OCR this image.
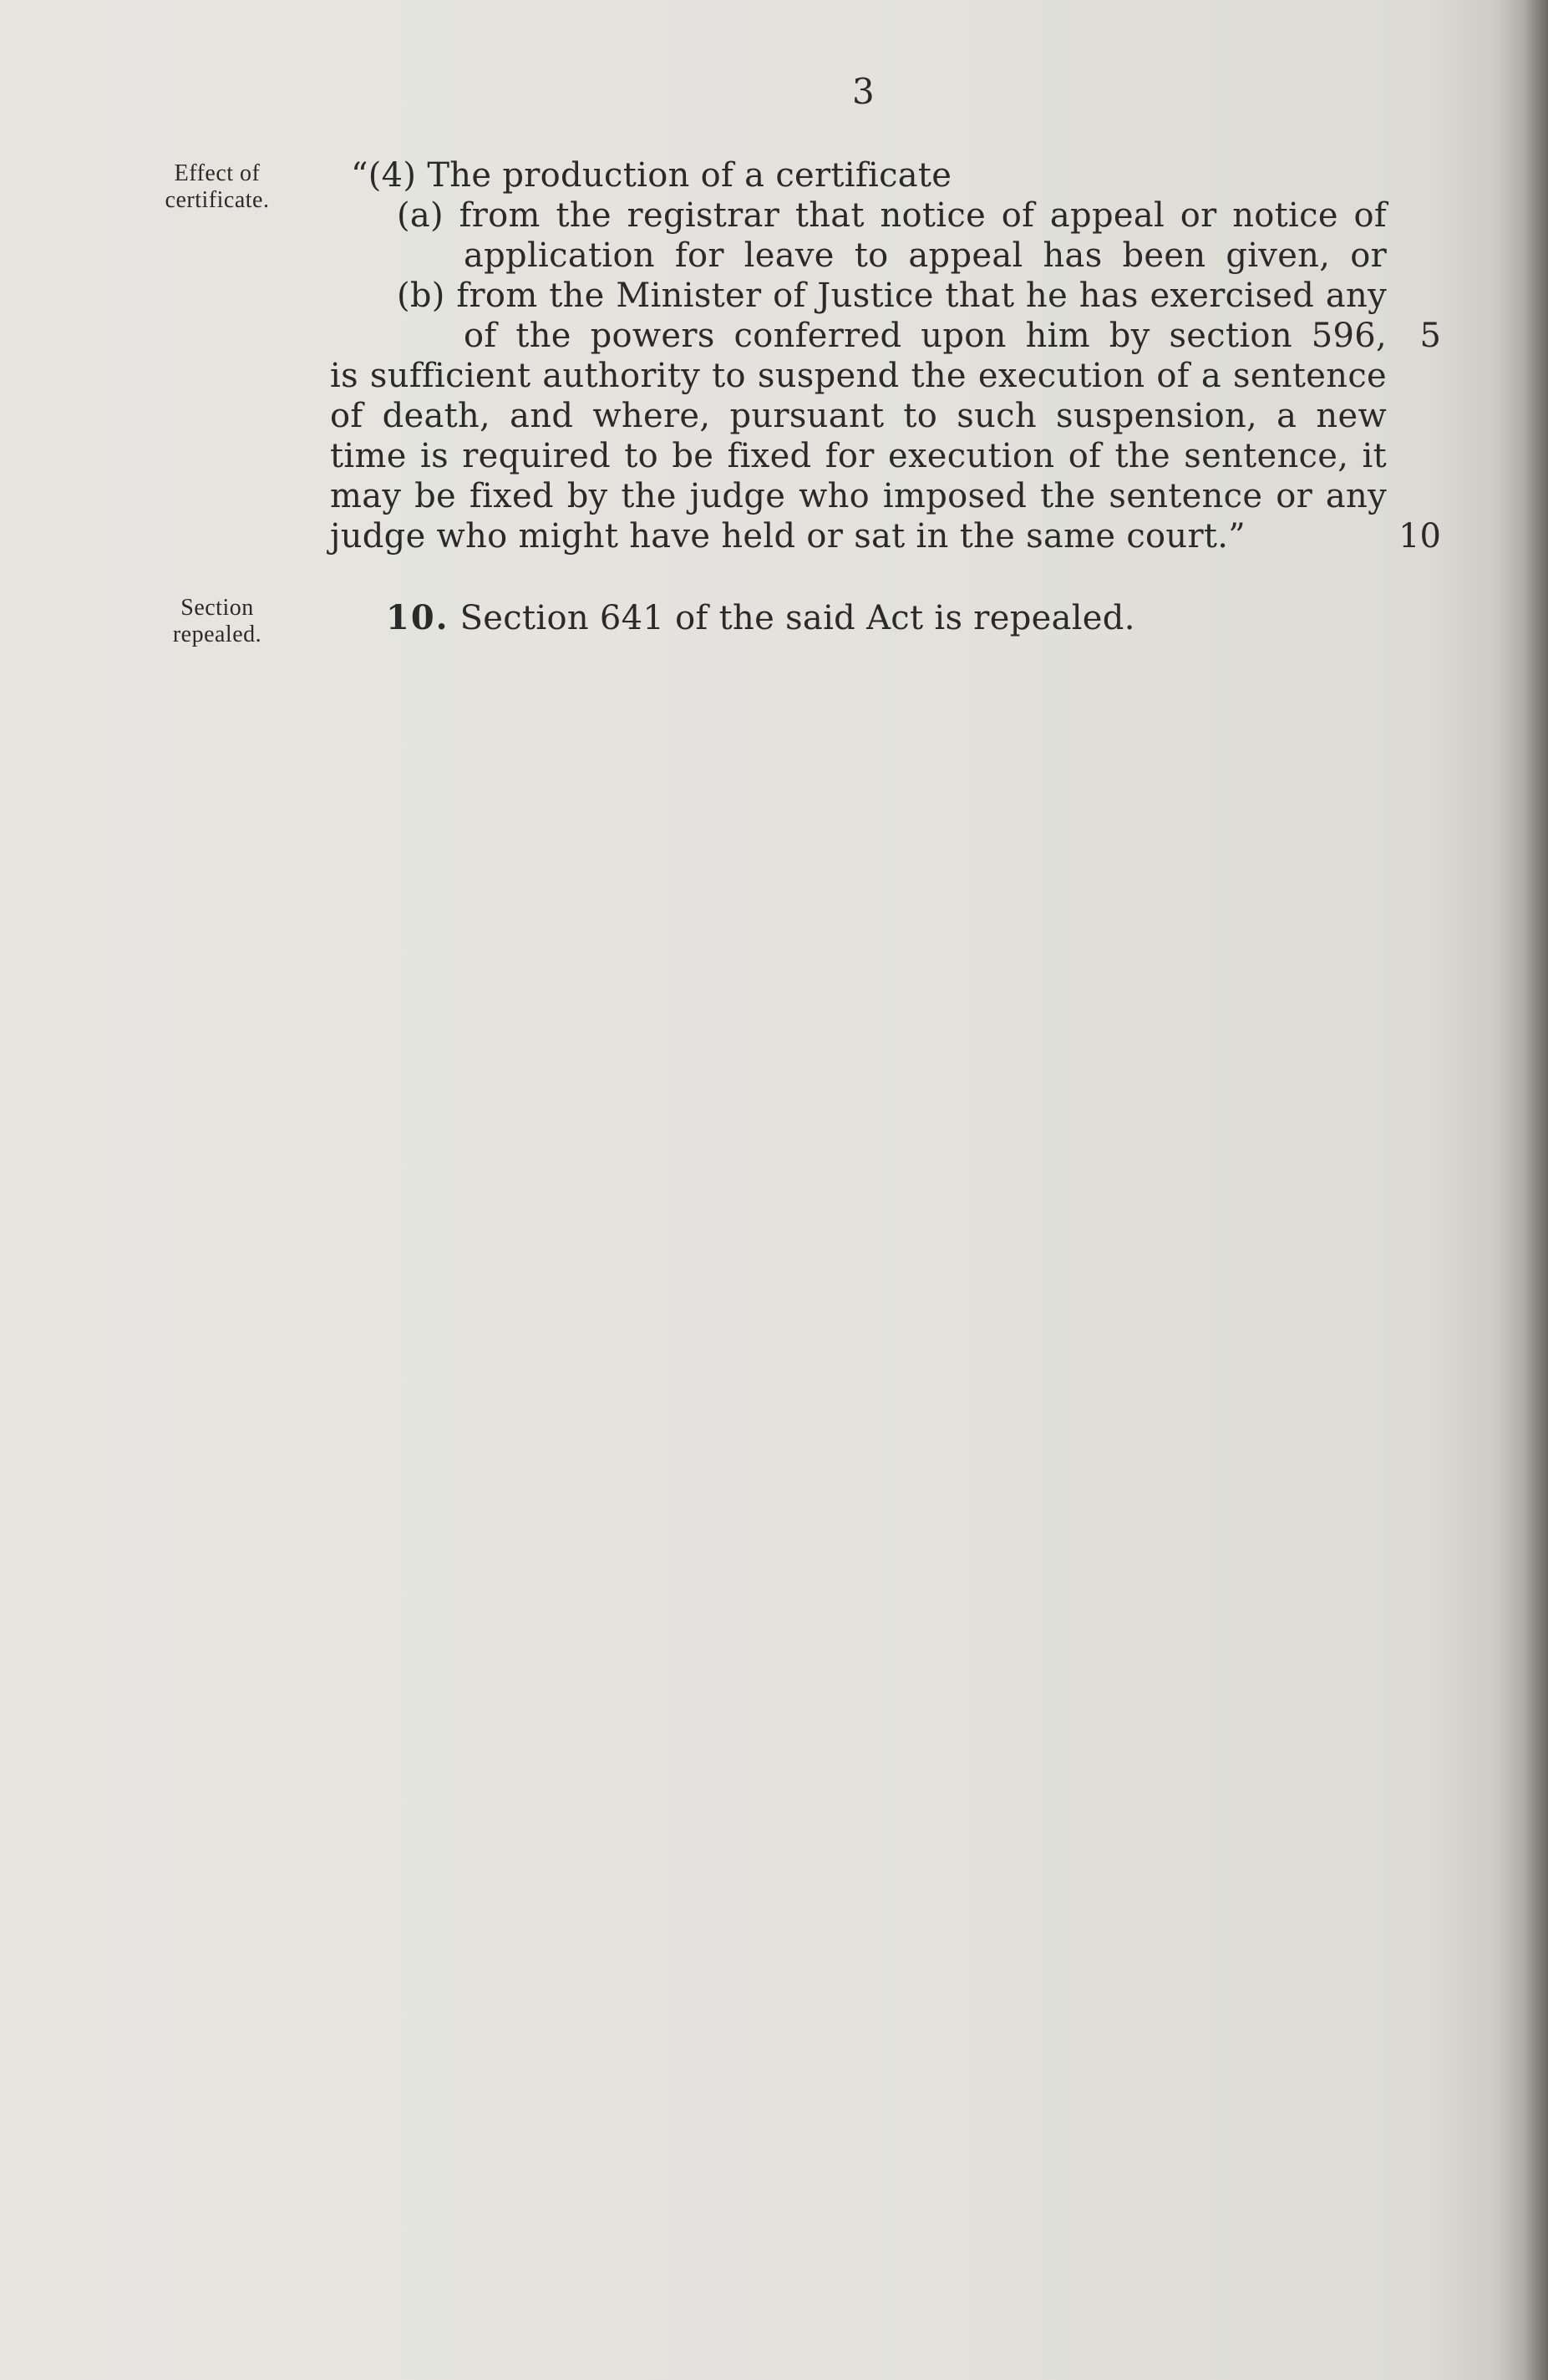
3
Effect of
certificate.
Section
repealed.
“(4) The production of a certificate
(a) from the registrar that notice of appeal or notice of
application for leave to appeal has been given, or
(b) from the Minister of Justice that he has exercised any
of the powers conferred upon him by section 596,
is sufficient authority to suspend the execution of a sentence
of death, and where, pursuant to such suspension, a new
time is required to be fixed for execution of the sentence, it
may be fixed by the judge who imposed the sentence or any
judge who might have held or sat in the same court.”
10. Section 641 of the said Act is repealed.
5
10
